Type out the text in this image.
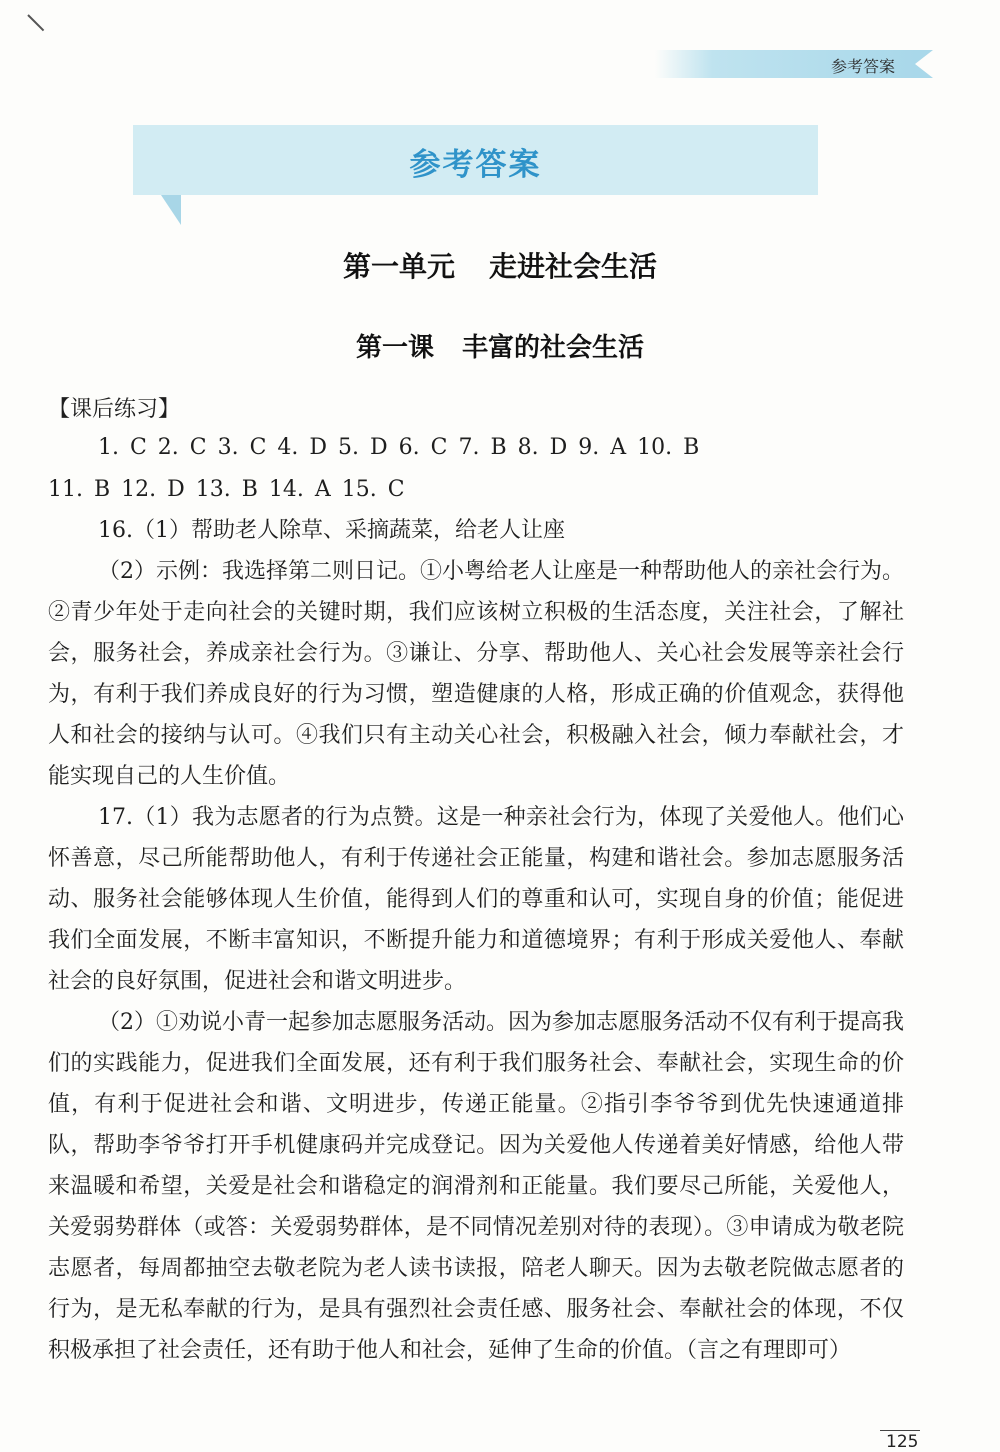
参考答案
参考答案
第一单元 走进社会生活
第一课 丰富的社会生活
【课后练习】
1. C 2. C 3. C 4. D 5. D 6. C 7. B 8. D 9. A 10. B
11. B 12. D 13. B 14. A 15. C

16.（1）帮助老人除草、采摘蔬菜，给老人让座

（2）示例：我选择第二则日记。①小粤给老人让座是一种帮助他人的亲社会行为。②青少年处于走向社会的关键时期，我们应该树立积极的生活态度，关注社会，了解社会，服务社会，养成亲社会行为。③谦让、分享、帮助他人、关心社会发展等亲社会行为，有利于我们养成良好的行为习惯，塑造健康的人格，形成正确的价值观念，获得他人和社会的接纳与认可。④我们只有主动关心社会，积极融入社会，倾力奉献社会，才能实现自己的人生价值。

17.（1）我为志愿者的行为点赞。这是一种亲社会行为，体现了关爱他人。他们心怀善意，尽己所能帮助他人，有利于传递社会正能量，构建和谐社会。参加志愿服务活动、服务社会能够体现人生价值，能得到人们的尊重和认可，实现自身的价值；能促进我们全面发展，不断丰富知识，不断提升能力和道德境界；有利于形成关爱他人、奉献社会的良好氛围，促进社会和谐文明进步。

（2）①劝说小青一起参加志愿服务活动。因为参加志愿服务活动不仅有利于提高我们的实践能力，促进我们全面发展，还有利于我们服务社会、奉献社会，实现生命的价值，有利于促进社会和谐、文明进步，传递正能量。②指引李爷爷到优先快速通道排队，帮助李爷爷打开手机健康码并完成登记。因为关爱他人传递着美好情感，给他人带来温暖和希望，关爱是社会和谐稳定的润滑剂和正能量。我们要尽己所能，关爱他人，关爱弱势群体（或答：关爱弱势群体，是不同情况差别对待的表现）。③申请成为敬老院志愿者，每周都抽空去敬老院为老人读书读报，陪老人聊天。因为去敬老院做志愿者的行为，是无私奉献的行为，是具有强烈社会责任感、服务社会、奉献社会的体现，不仅积极承担了社会责任，还有助于他人和社会，延伸了生命的价值。（言之有理即可）

125
